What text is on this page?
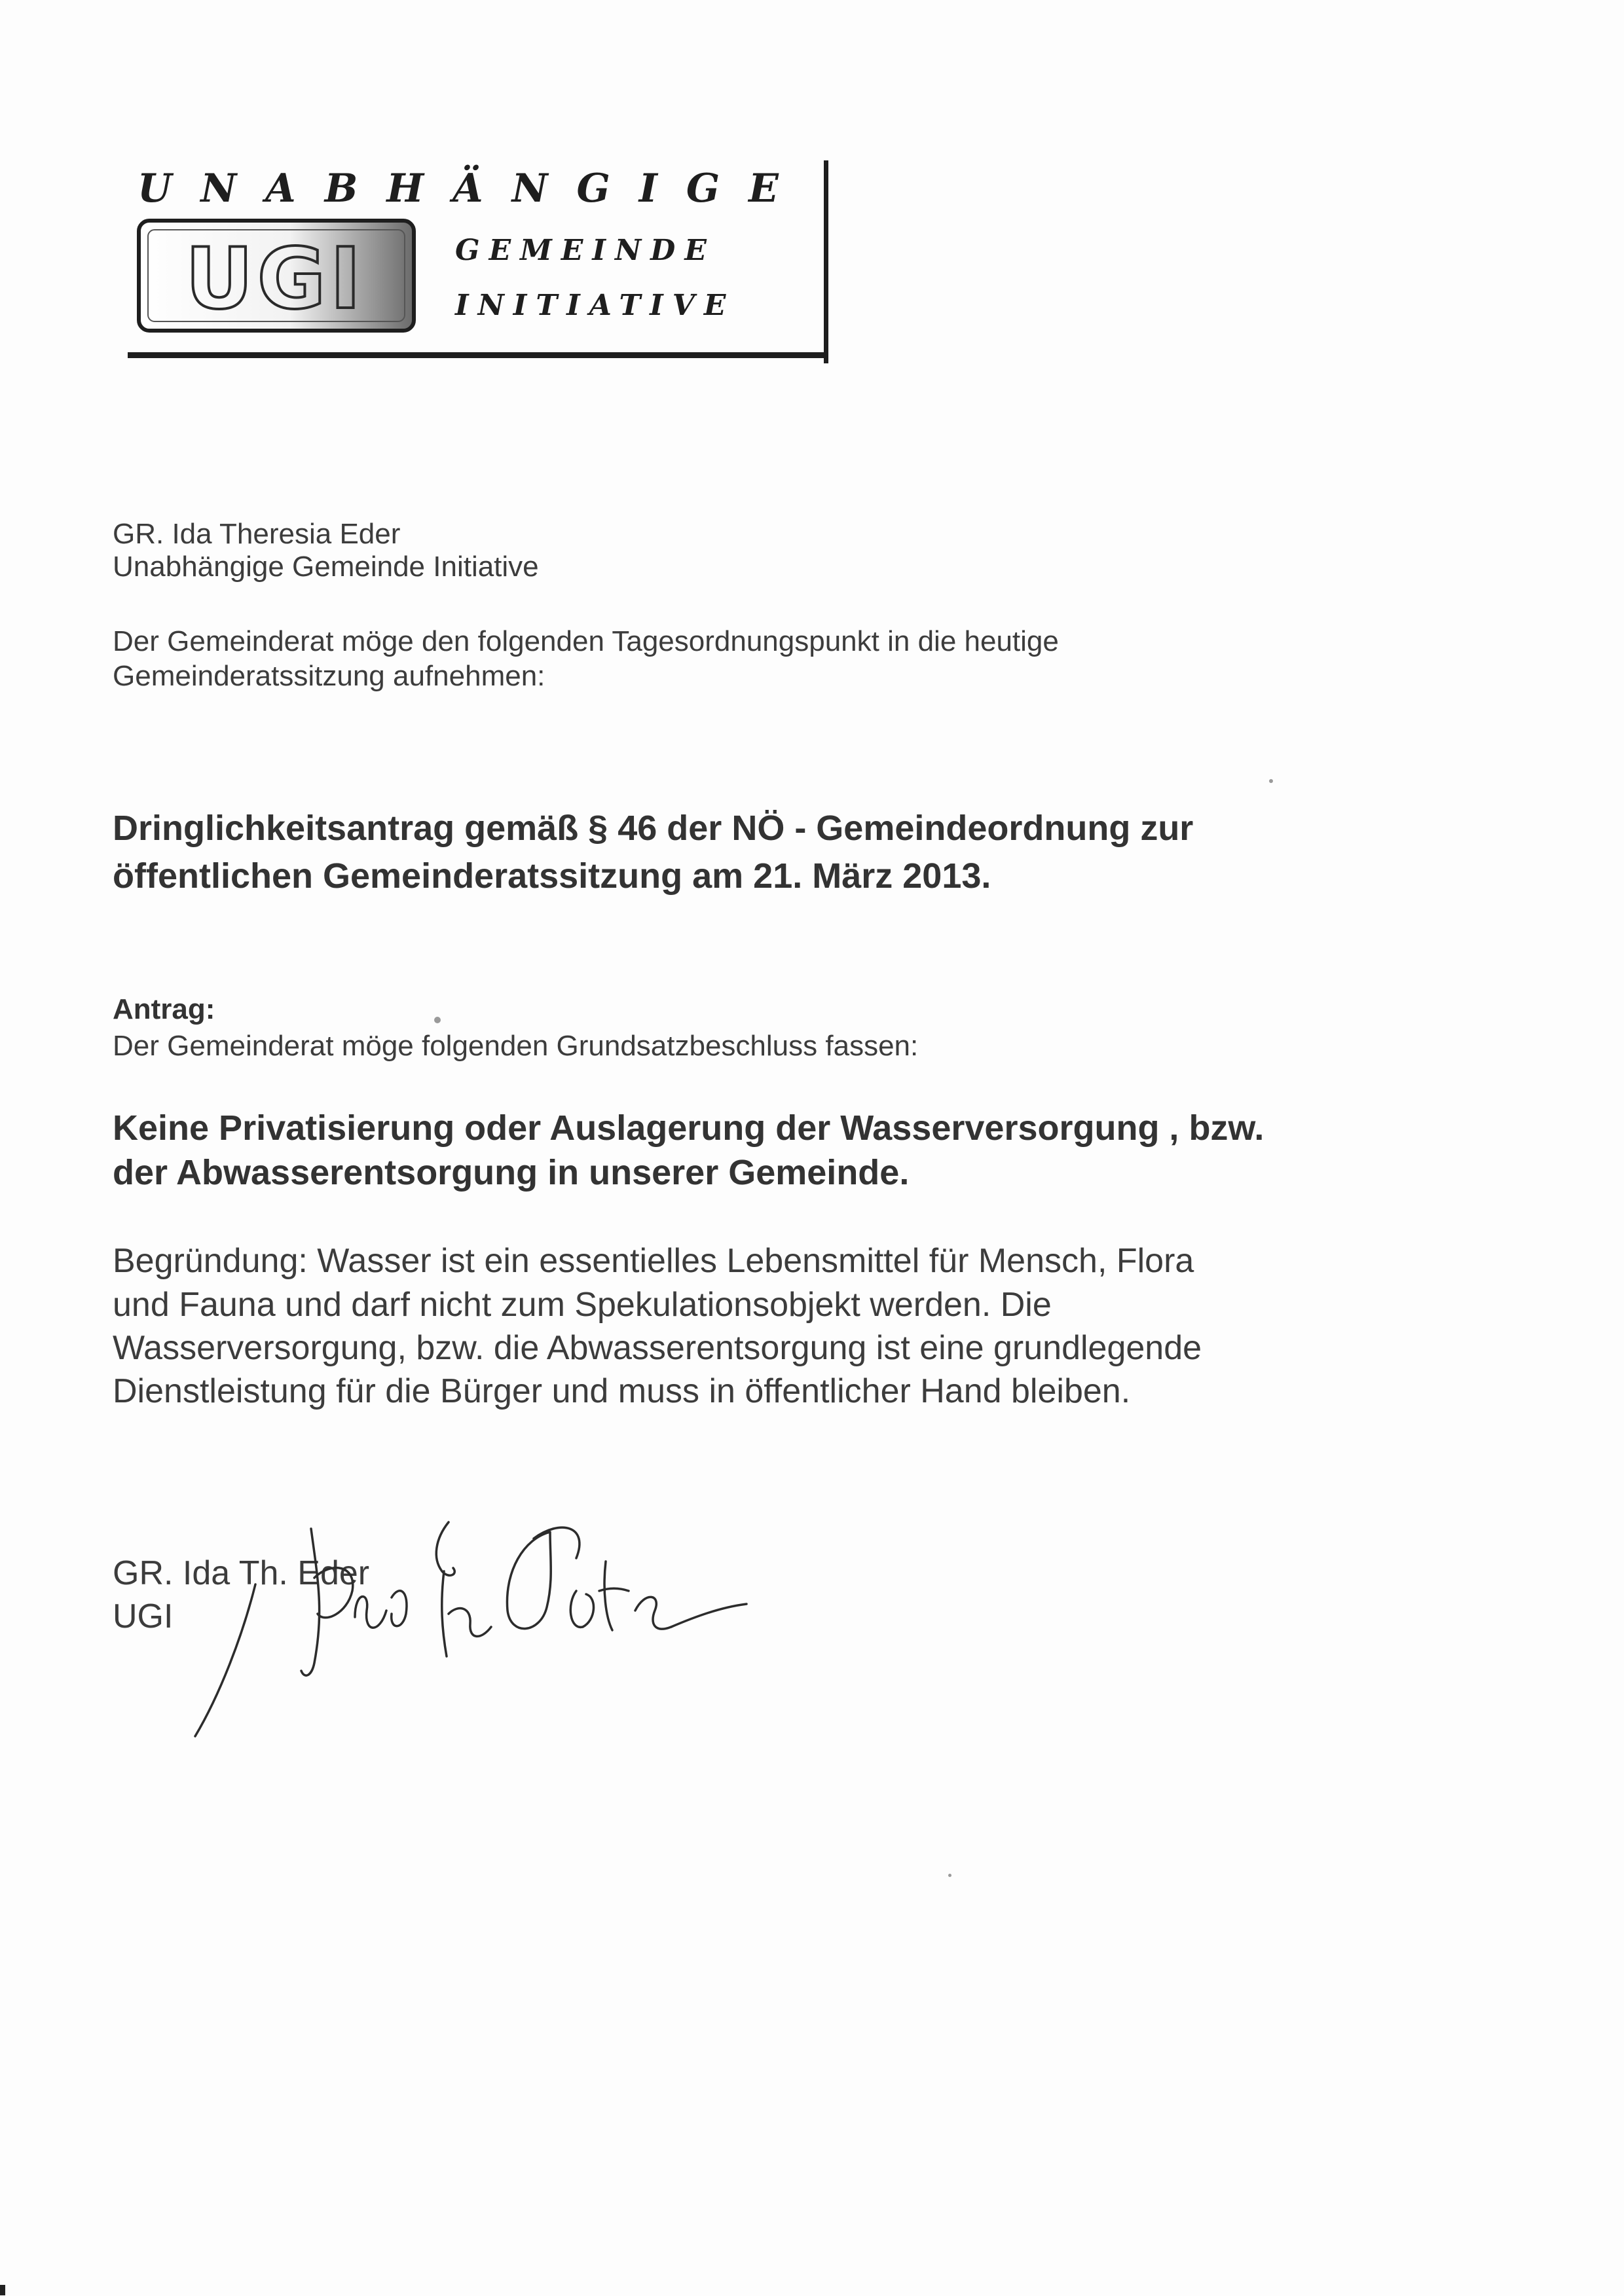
UGI
UNABHÄNGIGE
GEMEINDE
INITIATIVE
GR. Ida Theresia Eder
Unabhängige Gemeinde Initiative
Der Gemeinderat möge den folgenden Tagesordnungspunkt in die heutige
Gemeinderatssitzung aufnehmen:
Dringlichkeitsantrag gemäß § 46 der NÖ - Gemeindeordnung zur
öffentlichen Gemeinderatssitzung am 21. März 2013.
Antrag:
Der Gemeinderat möge folgenden Grundsatzbeschluss fassen:
Keine Privatisierung oder Auslagerung der Wasserversorgung , bzw.
der Abwasserentsorgung in unserer Gemeinde.
Begründung: Wasser ist ein essentielles Lebensmittel für Mensch, Flora
und Fauna und darf nicht zum Spekulationsobjekt werden. Die
Wasserversorgung, bzw. die Abwasserentsorgung ist eine grundlegende
Dienstleistung für die Bürger und muss in öffentlicher Hand bleiben.
GR. Ida Th. Eder
UGI
